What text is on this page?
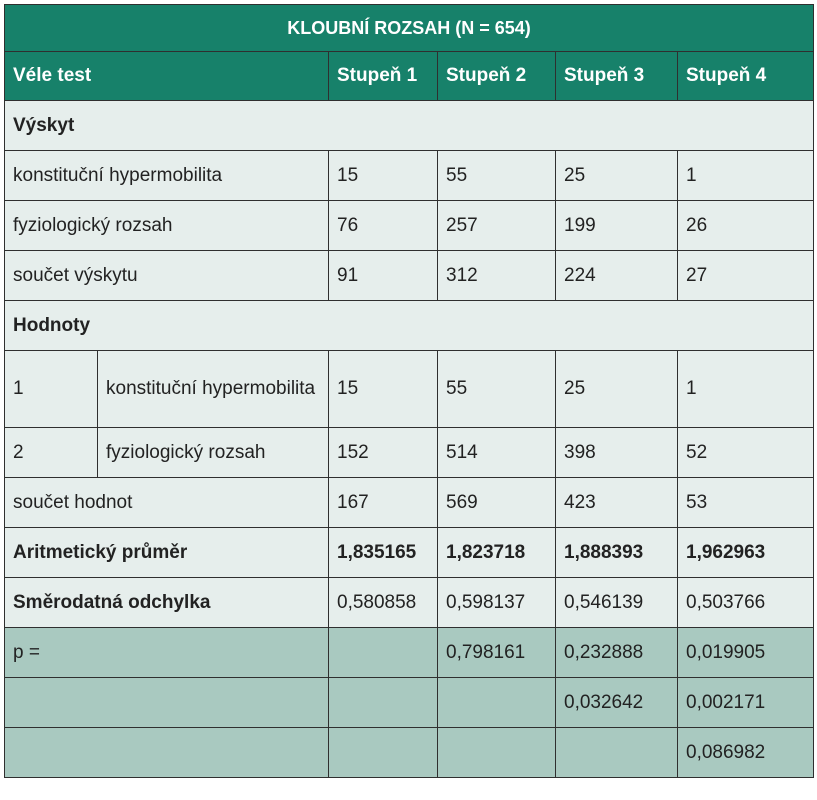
KLOUBNÍ ROZSAH (N = 654)					
Véle test		Stupeň 1	Stupeň 2	Stupeň 3	Stupeň 4
Výskyt					
konstituční hypermobilita		15	55	25	1
fyziologický rozsah		76	257	199	26
součet výskytu		91	312	224	27
Hodnoty					
1	konstituční hypermobilita	15	55	25	1
2	fyziologický rozsah	152	514	398	52
součet hodnot		167	569	423	53
Aritmetický průměr		1,835165	1,823718	1,888393	1,962963
Směrodatná odchylka		0,580858	0,598137	0,546139	0,503766
p =			0,798161	0,232888	0,019905
				0,032642	0,002171
					0,086982
